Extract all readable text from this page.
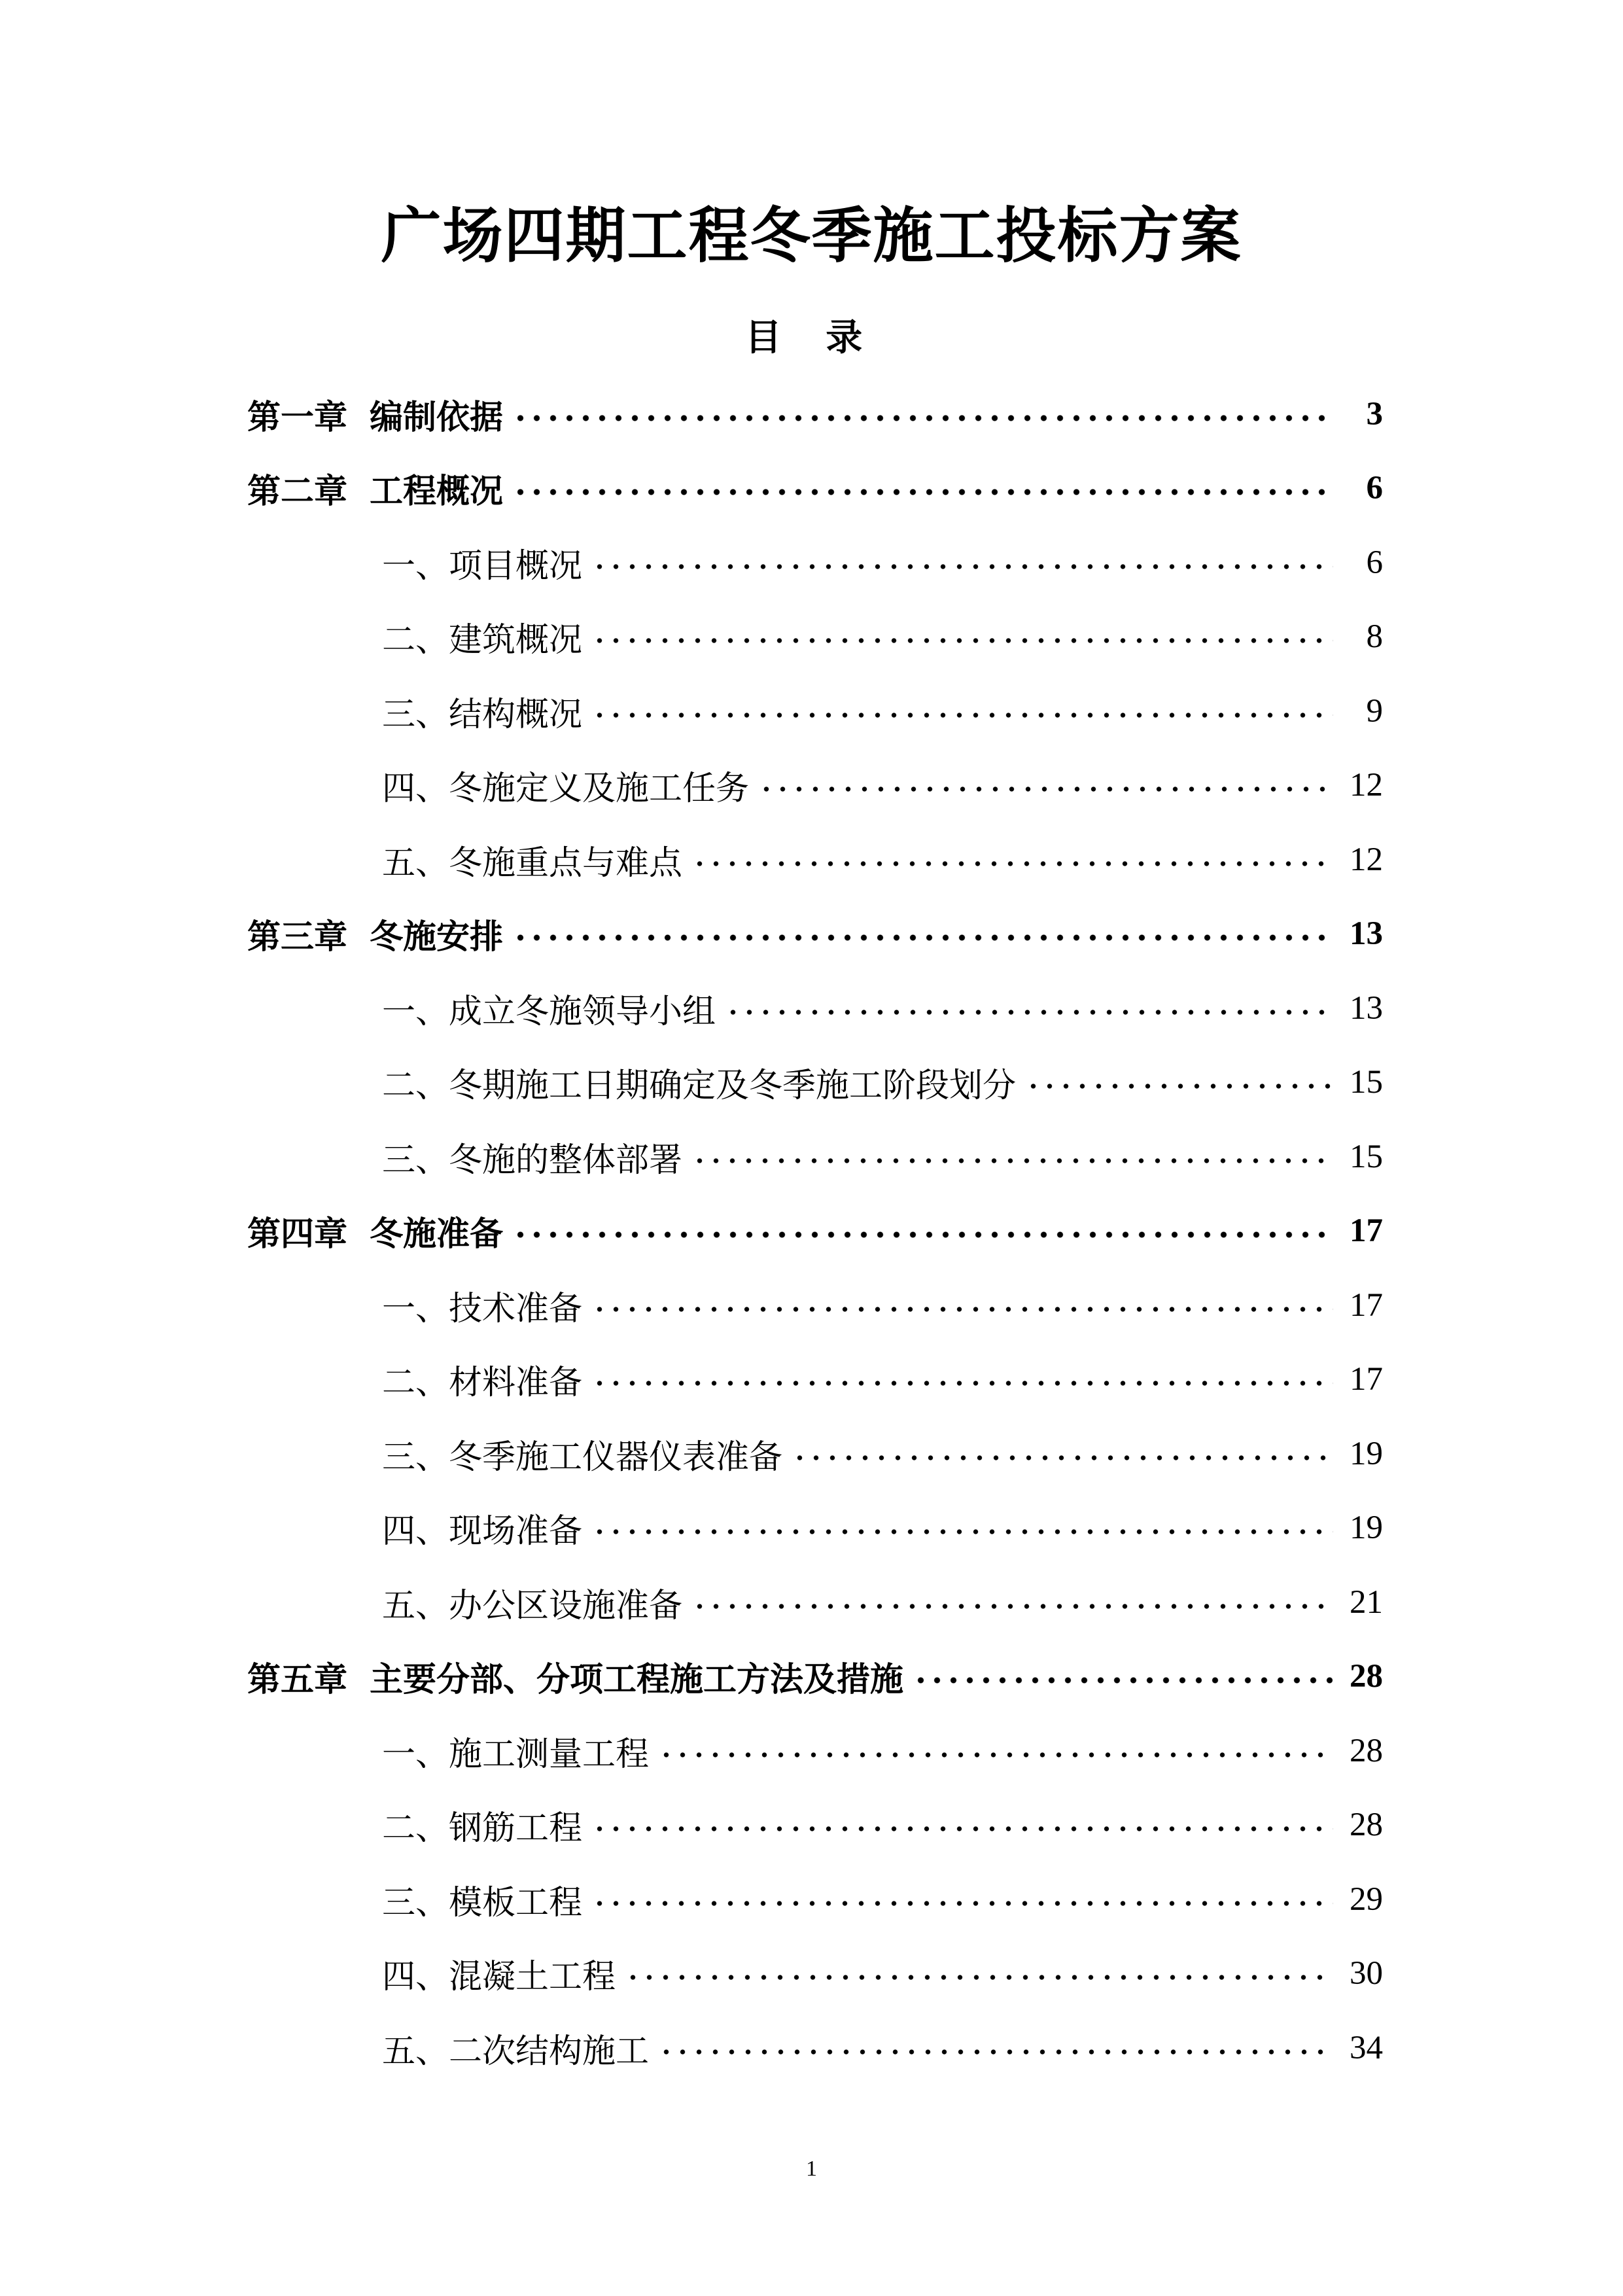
广场四期工程冬季施工投标方案
目 录
第一章 编制依据	3
第二章 工程概况	6
一、 项目概况	6
二、 建筑概况	8
三、 结构概况	9
四、 冬施定义及施工任务	12
五、 冬施重点与难点	12
第三章 冬施安排	13
一、 成立冬施领导小组	13
二、 冬期施工日期确定及冬季施工阶段划分	15
三、 冬施的整体部署	15
第四章 冬施准备	17
一、 技术准备	17
二、 材料准备	17
三、 冬季施工仪器仪表准备	19
四、 现场准备	19
五、 办公区设施准备	21
第五章 主要分部、分项工程施工方法及措施	28
一、 施工测量工程	28
二、 钢筋工程	28
三、 模板工程	29
四、 混凝土工程	30
五、 二次结构施工	34
1
